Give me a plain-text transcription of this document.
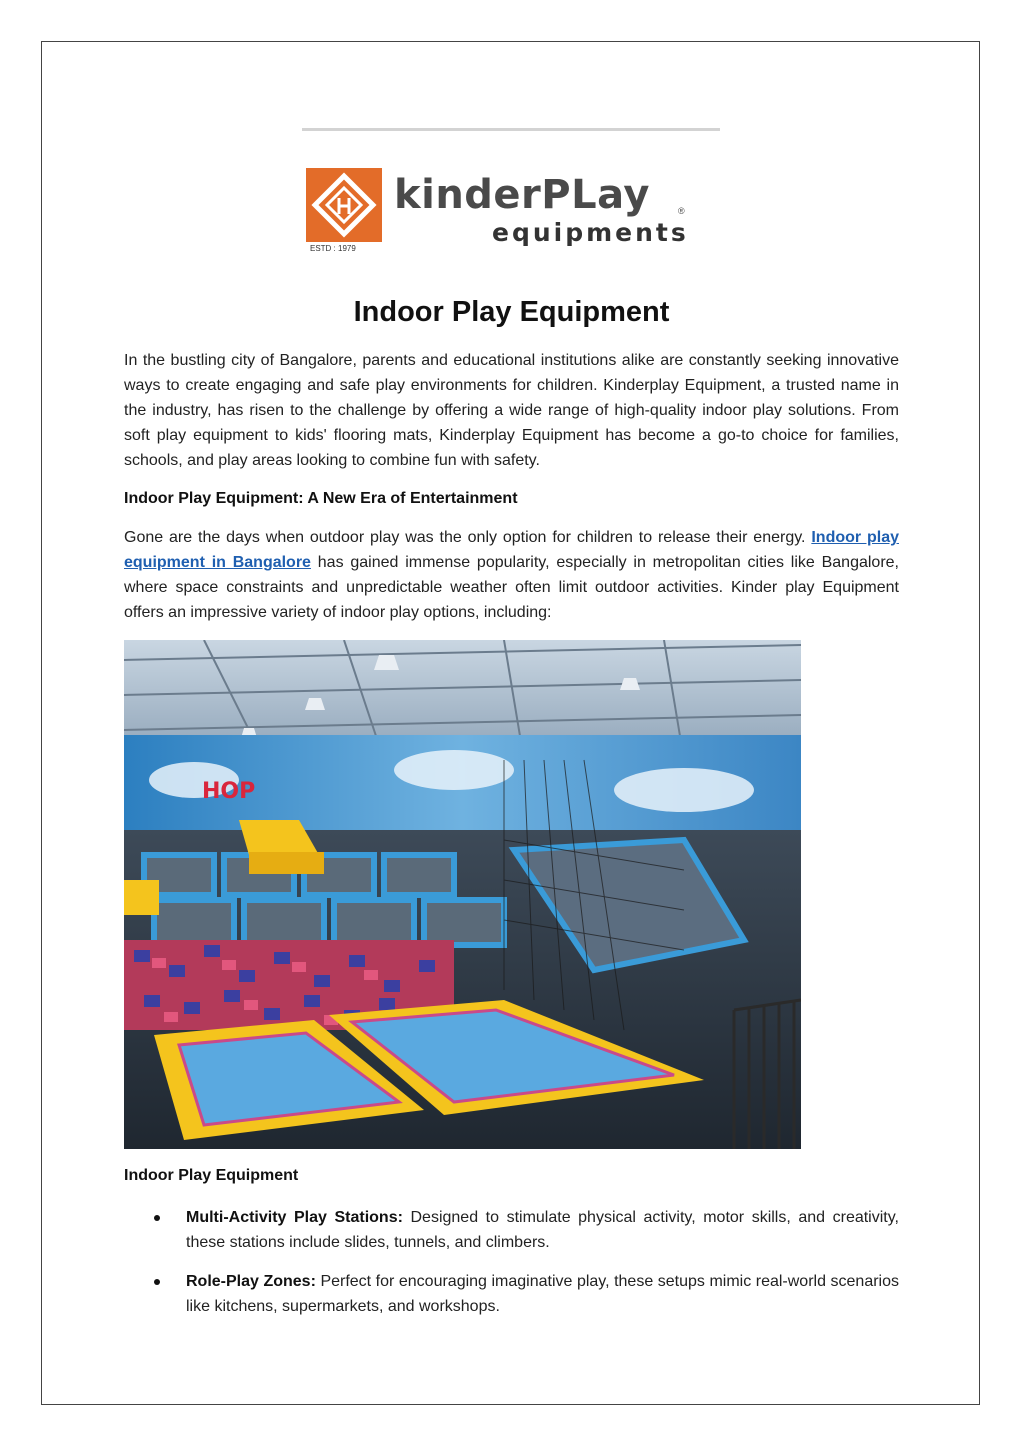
ESTD : 1979
kinderPLay	®
equipments
Indoor Play Equipment

In the bustling city of Bangalore, parents and educational institutions alike are constantly seeking innovative ways to create engaging and safe play environments for children. Kinderplay Equipment, a trusted name in the industry, has risen to the challenge by offering a wide range of high-quality indoor play solutions. From soft play equipment to kids' flooring mats, Kinderplay Equipment has become a go-to choice for families, schools, and play areas looking to combine fun with safety.

Indoor Play Equipment: A New Era of Entertainment

Gone are the days when outdoor play was the only option for children to release their energy. Indoor play equipment in Bangalore has gained immense popularity, especially in metropolitan cities like Bangalore, where space constraints and unpredictable weather often limit outdoor activities. Kinder play Equipment offers an impressive variety of indoor play options, including:

HOP
Indoor Play Equipment
Multi-Activity Play Stations: Designed to stimulate physical activity, motor skills, and creativity, these stations include slides, tunnels, and climbers.
Role-Play Zones: Perfect for encouraging imaginative play, these setups mimic real-world scenarios like kitchens, supermarkets, and workshops.
